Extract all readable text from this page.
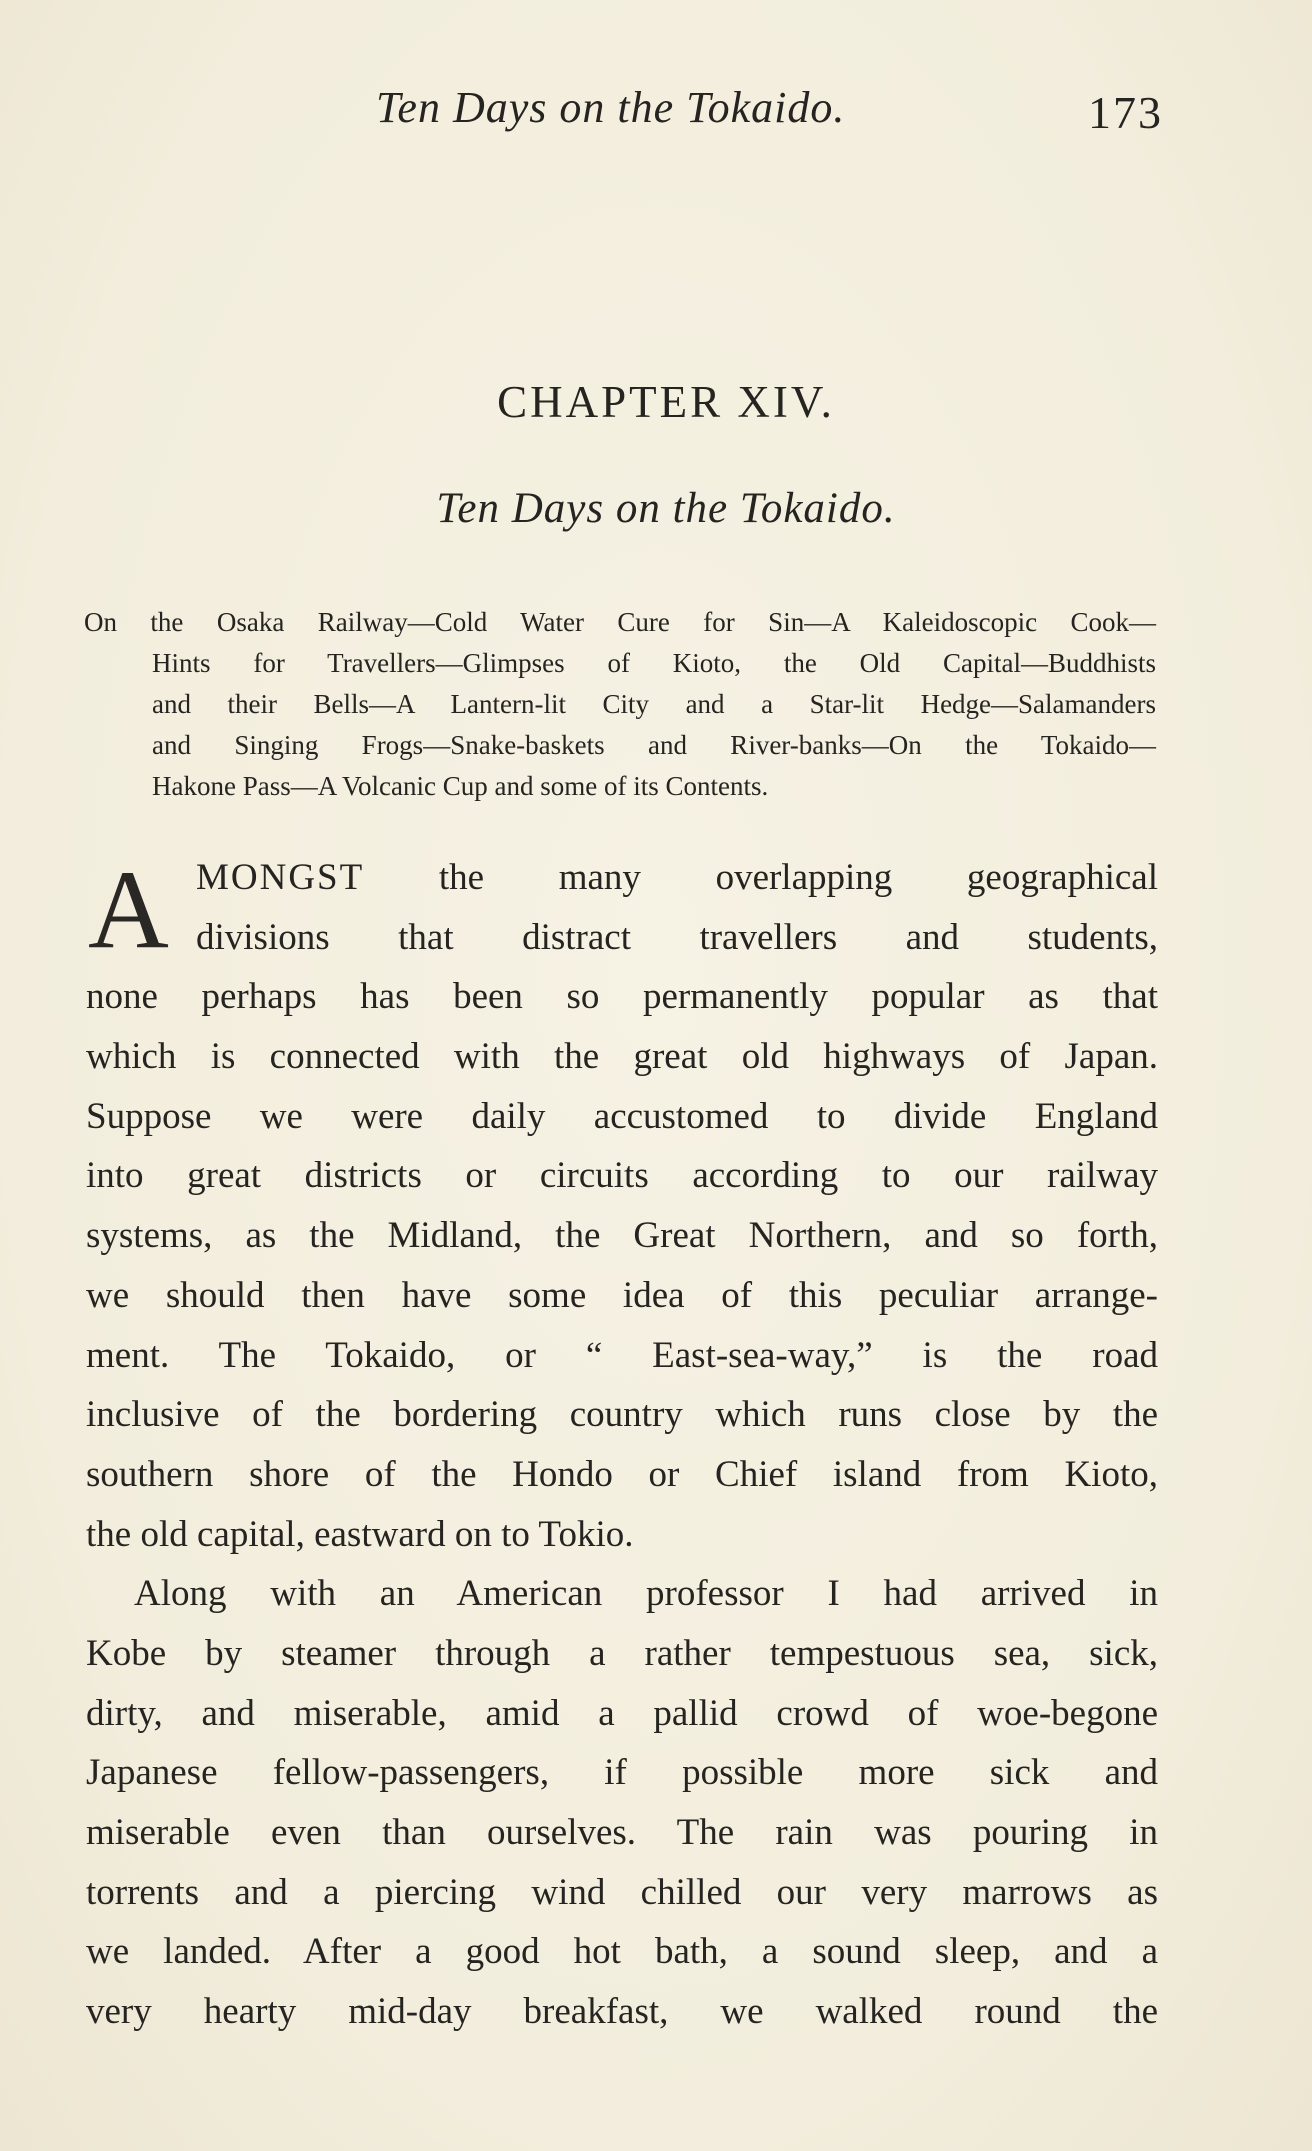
Ten Days on the Tokaido.	173
CHAPTER XIV.
Ten Days on the Tokaido.
On the Osaka Railway—Cold Water Cure for Sin—A Kaleidoscopic Cook—
Hints for Travellers—Glimpses of Kioto, the Old Capital—Buddhists
and their Bells—A Lantern-lit City and a Star-lit Hedge—Salamanders
and Singing Frogs—Snake-baskets and River-banks—On the Tokaido—
Hakone Pass—A Volcanic Cup and some of its Contents.
A MONGST the many overlapping geographical
divisions that distract travellers and students,
none perhaps has been so permanently popular as that
which is connected with the great old highways of Japan.
Suppose we were daily accustomed to divide England
into great districts or circuits according to our railway
systems, as the Midland, the Great Northern, and so forth,
we should then have some idea of this peculiar arrange-
ment. The Tokaido, or “ East-sea-way,” is the road
inclusive of the bordering country which runs close by the
southern shore of the Hondo or Chief island from Kioto,
the old capital, eastward on to Tokio.
Along with an American professor I had arrived in
Kobe by steamer through a rather tempestuous sea, sick,
dirty, and miserable, amid a pallid crowd of woe-begone
Japanese fellow-passengers, if possible more sick and
miserable even than ourselves. The rain was pouring in
torrents and a piercing wind chilled our very marrows as
we landed. After a good hot bath, a sound sleep, and a
very hearty mid-day breakfast, we walked round the
